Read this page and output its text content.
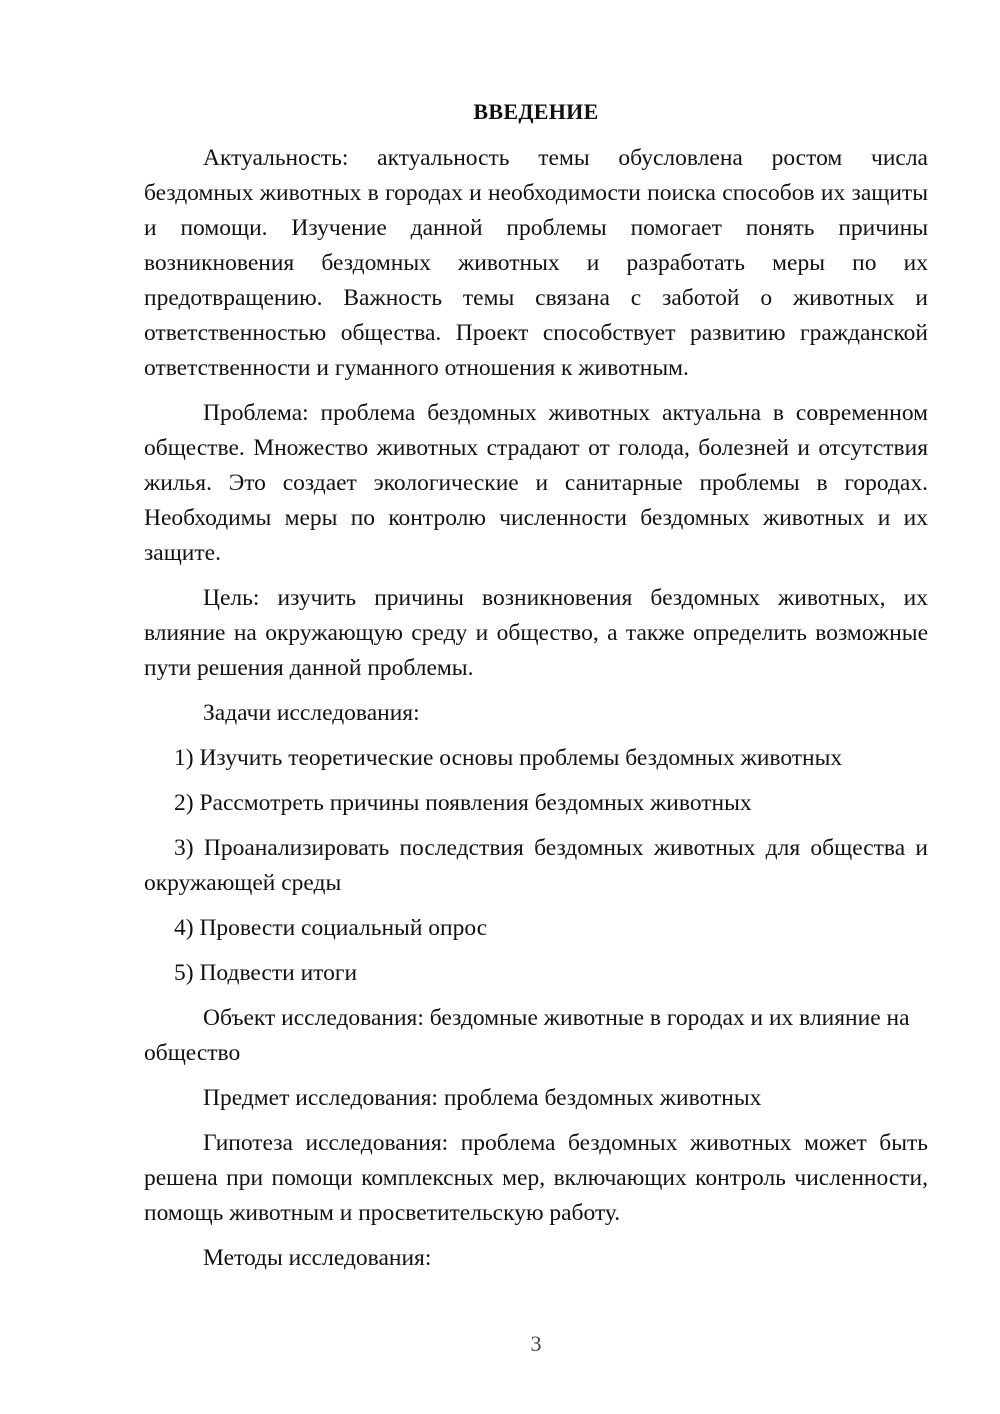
ВВЕДЕНИЕ

Актуальность: актуальность темы обусловлена ростом числа бездомных животных в городах и необходимости поиска способов их защиты и помощи. Изучение данной проблемы помогает понять причины возникновения бездомных животных и разработать меры по их предотвращению. Важность темы связана с заботой о животных и ответственностью общества. Проект способствует развитию гражданской ответственности и гуманного отношения к животным.

Проблема: проблема бездомных животных актуальна в современном обществе. Множество животных страдают от голода, болезней и отсутствия жилья. Это создает экологические и санитарные проблемы в городах. Необходимы меры по контролю численности бездомных животных и их защите.

Цель: изучить причины возникновения бездомных животных, их влияние на окружающую среду и общество, а также определить возможные пути решения данной проблемы.

Задачи исследования:

1) Изучить теоретические основы проблемы бездомных животных

2) Рассмотреть причины появления бездомных животных

3) Проанализировать последствия бездомных животных для общества и окружающей среды

4) Провести социальный опрос

5) Подвести итоги

Объект исследования: бездомные животные в городах и их влияние на общество

Предмет исследования: проблема бездомных животных

Гипотеза исследования: проблема бездомных животных может быть решена при помощи комплексных мер, включающих контроль численности, помощь животным и просветительскую работу.

Методы исследования:

3
